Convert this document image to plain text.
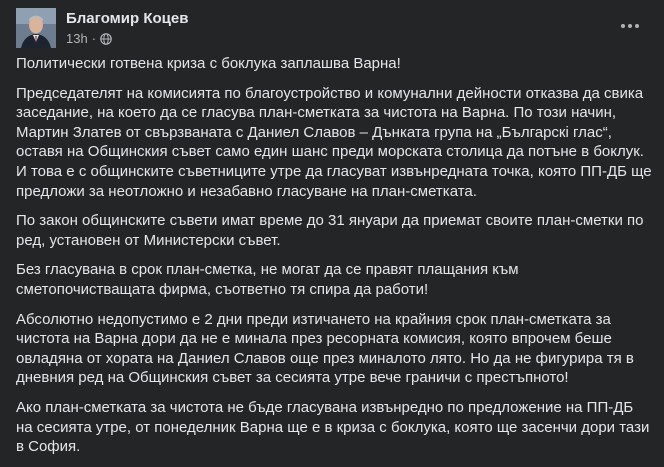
Благомир Коцев
13h ·

Политически готвена криза с боклука заплашва Варна!

Председателят на комисията по благоустройство и комунални дейности отказва да свика заседание, на което да се гласува план-сметката за чистота на Варна. По този начин, Мартин Златев от свързваната с Даниел Славов – Дънката група на „Българскi глас“, оставя на Общинския съвет само един шанс преди морската столица да потъне в боклук. И това е с общинските съветниците утре да гласуват извънредната точка, която ПП-ДБ ще предложи за неотложно и незабавно гласуване на план-сметката.

По закон общинските съвети имат време до 31 януари да приемат своите план-сметки по ред, установен от Министерски съвет.

Без гласувана в срок план-сметка, не могат да се правят плащания към сметопочистващата фирма, съответно тя спира да работи!

Абсолютно недопустимо е 2 дни преди изтичането на крайния срок план-сметката за чистота на Варна дори да не е минала през ресорната комисия, която впрочем беше овладяна от хората на Даниел Славов още през миналото лято. Но да не фигурира тя в дневния ред на Общинския съвет за сесията утре вече граничи с престъпното!

Ако план-сметката за чистота не бъде гласувана извънредно по предложение на ПП-ДБ на сесията утре, от понеделник Варна ще е в криза с боклука, която ще засенчи дори тази в София.
